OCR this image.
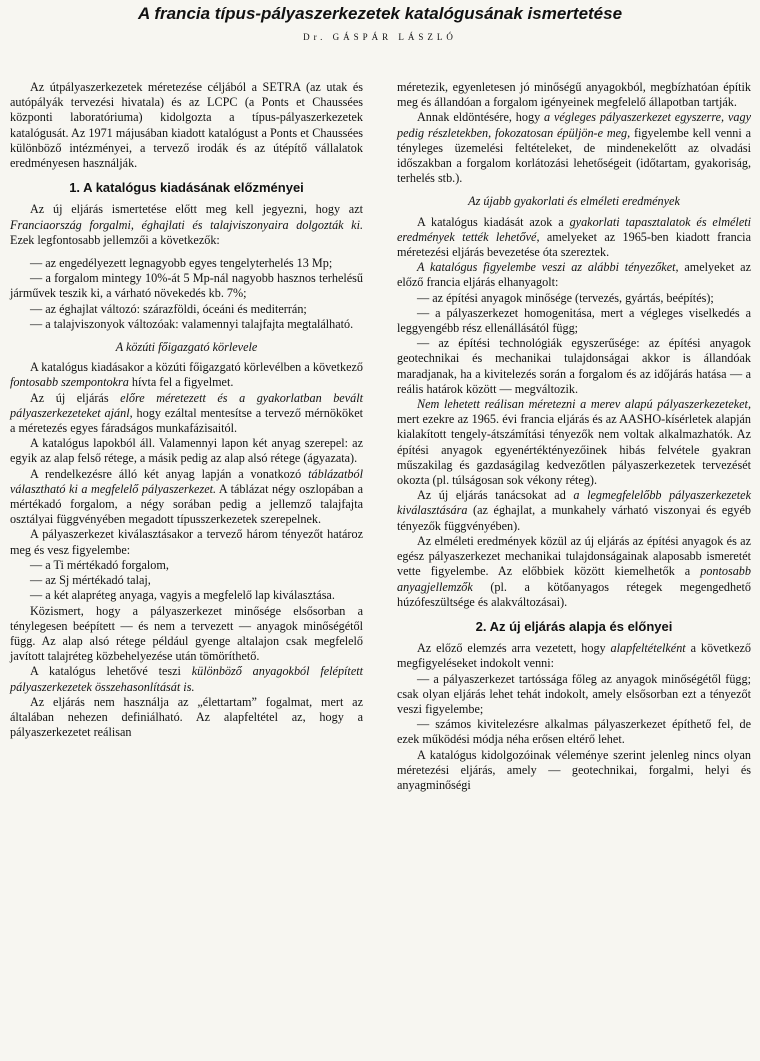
A francia típus-pályaszerkezetek katalógusának ismertetése
Dr. GÁSPÁR LÁSZLÓ

Az útpályaszerkezetek méretezése céljából a SETRA (az utak és autópályák tervezési hivatala) és az LCPC (a Ponts et Chaussées központi laboratóriuma) kidolgozta a típus-pályaszerkezetek katalógusát. Az 1971 májusában kiadott katalógust a Ponts et Chaussées különböző intézményei, a tervező irodák és az útépítő vállalatok eredményesen használják.

1. A katalógus kiadásának előzményei

Az új eljárás ismertetése előtt meg kell jegyezni, hogy azt Franciaország forgalmi, éghajlati és talajviszonyaira dolgozták ki. Ezek legfontosabb jellemzői a következők:

— az engedélyezett legnagyobb egyes tengelyterhelés 13 Mp;

— a forgalom mintegy 10%-át 5 Mp-nál nagyobb hasznos terhelésű járművek teszik ki, a várható növekedés kb. 7%;

— az éghajlat változó: szárazföldi, óceáni és mediterrán;

— a talajviszonyok változóak: valamennyi talajfajta megtalálható.

A közúti főigazgató körlevele

A katalógus kiadásakor a közúti főigazgató körlevélben a következő fontosabb szempontokra hívta fel a figyelmet.

Az új eljárás előre méretezett és a gyakorlatban bevált pályaszerkezeteket ajánl, hogy ezáltal mentesítse a tervező mérnököket a méretezés egyes fáradságos munkafázisaitól.

A katalógus lapokból áll. Valamennyi lapon két anyag szerepel: az egyik az alap felső rétege, a másik pedig az alap alsó rétege (ágyazata).

A rendelkezésre álló két anyag lapján a vonatkozó táblázatból választható ki a megfelelő pályaszerkezet. A táblázat négy oszlopában a mértékadó forgalom, a négy sorában pedig a jellemző talajfajta osztályai függvényében megadott típusszerkezetek szerepelnek.

A pályaszerkezet kiválasztásakor a tervező három tényezőt határoz meg és vesz figyelembe:

— a Ti mértékadó forgalom,

— az Sj mértékadó talaj,

— a két alapréteg anyaga, vagyis a megfelelő lap kiválasztása.

Közismert, hogy a pályaszerkezet minősége elsősorban a ténylegesen beépített — és nem a tervezett — anyagok minőségétől függ. Az alap alsó rétege például gyenge altalajon csak megfelelő javított talajréteg közbehelyezése után tömöríthető.

A katalógus lehetővé teszi különböző anyagokból felépített pályaszerkezetek összehasonlítását is.

Az eljárás nem használja az „élettartam” fogalmat, mert az általában nehezen definiálható. Az alapfeltétel az, hogy a pályaszerkezetet reálisan

méretezik, egyenletesen jó minőségű anyagokból, megbízhatóan építik meg és állandóan a forgalom igényeinek megfelelő állapotban tartják.

Annak eldöntésére, hogy a végleges pályaszerkezet egyszerre, vagy pedig részletekben, fokozatosan épüljön-e meg, figyelembe kell venni a tényleges üzemelési feltételeket, de mindenekelőtt az olvadási időszakban a forgalom korlátozási lehetőségeit (időtartam, gyakoriság, terhelés stb.).

Az újabb gyakorlati és elméleti eredmények

A katalógus kiadását azok a gyakorlati tapasztalatok és elméleti eredmények tették lehetővé, amelyeket az 1965-ben kiadott francia méretezési eljárás bevezetése óta szereztek.

A katalógus figyelembe veszi az alábbi tényezőket, amelyeket az előző francia eljárás elhanyagolt:

— az építési anyagok minősége (tervezés, gyártás, beépítés);

— a pályaszerkezet homogenitása, mert a végleges viselkedés a leggyengébb rész ellenállásától függ;

— az építési technológiák egyszerűsége: az építési anyagok geotechnikai és mechanikai tulajdonságai akkor is állandóak maradjanak, ha a kivitelezés során a forgalom és az időjárás hatása — a reális határok között — megváltozik.

Nem lehetett reálisan méretezni a merev alapú pályaszerkezeteket, mert ezekre az 1965. évi francia eljárás és az AASHO-kísérletek alapján kialakított tengely-átszámítási tényezők nem voltak alkalmazhatók. Az építési anyagok egyenértéktényezőinek hibás felvétele gyakran műszakilag és gazdaságilag kedvezőtlen pályaszerkezetek tervezését okozta (pl. túlságosan sok vékony réteg).

Az új eljárás tanácsokat ad a legmegfelelőbb pályaszerkezetek kiválasztására (az éghajlat, a munkahely várható viszonyai és egyéb tényezők függvényében).

Az elméleti eredmények közül az új eljárás az építési anyagok és az egész pályaszerkezet mechanikai tulajdonságainak alaposabb ismeretét vette figyelembe. Az előbbiek között kiemelhetők a pontosabb anyagjellemzők (pl. a kötőanyagos rétegek megengedhető húzófeszültsége és alakváltozásai).

2. Az új eljárás alapja és előnyei

Az előző elemzés arra vezetett, hogy alapfeltételként a következő megfigyeléseket indokolt venni:

— a pályaszerkezet tartóssága főleg az anyagok minőségétől függ; csak olyan eljárás lehet tehát indokolt, amely elsősorban ezt a tényezőt veszi figyelembe;

— számos kivitelezésre alkalmas pályaszerkezet építhető fel, de ezek működési módja néha erősen eltérő lehet.

A katalógus kidolgozóinak véleménye szerint jelenleg nincs olyan méretezési eljárás, amely — geotechnikai, forgalmi, helyi és anyagminőségi
